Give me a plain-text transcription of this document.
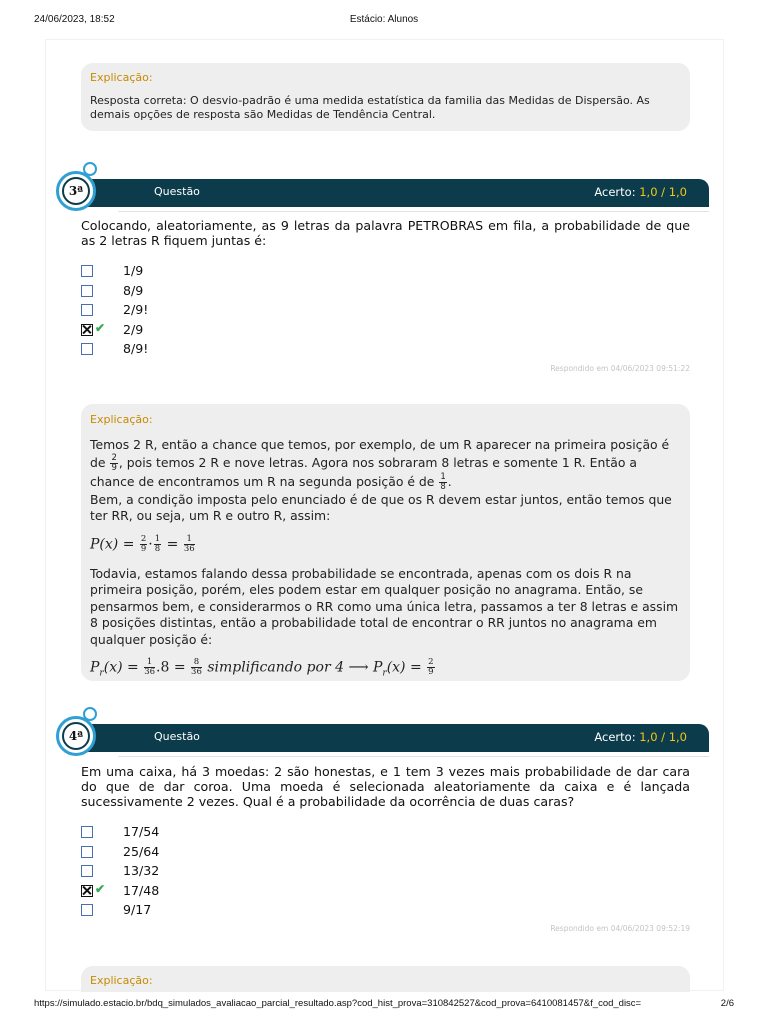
24/06/2023, 18:52	Estácio: Alunos
Explicação:
Resposta correta: O desvio-padrão é uma medida estatística da familia das Medidas de Dispersão. As demais opções de resposta são Medidas de Tendência Central.
3ª	Questão	Acerto: 1,0 / 1,0
Colocando, aleatoriamente, as 9 letras da palavra PETROBRAS em fila, a probabilidade de que as 2 letras R fiquem juntas é:
1/9
8/9
2/9!
✔ 2/9
8/9!
Respondido em 04/06/2023 09:51:22
Explicação:

Temos 2 R, então a chance que temos, por exemplo, de um R aparecer na primeira posição é de $\frac{2}{9}$ , pois temos 2 R e nove letras. Agora nos sobraram 8 letras e somente 1 R. Então a chance de encontramos um R na segunda posição é de $\frac{1}{8}$ .

Bem, a condição imposta pelo enunciado é de que os R devem estar juntos, então temos que ter RR, ou seja, um R e outro R, assim:

$P(x) = \frac{2}{9} \cdot \frac{1}{8} = \frac{1}{36}$

Todavia, estamos falando dessa probabilidade se encontrada, apenas com os dois R na primeira posição, porém, eles podem estar em qualquer posição no anagrama. Então, se pensarmos bem, e considerarmos o RR como uma única letra, passamos a ter 8 letras e assim 8 posições distintas, então a probabilidade total de encontrar o RR juntos no anagrama em qualquer posição é:

$P_r(x) = \frac{1}{36} .8 = \frac{8}{36}$ simplificando por 4 ⟶ $P_r(x) = \frac{2}{9}$

4ª	Questão	Acerto: 1,0 / 1,0
Em uma caixa, há 3 moedas: 2 são honestas, e 1 tem 3 vezes mais probabilidade de dar cara do que de dar coroa. Uma moeda é selecionada aleatoriamente da caixa e é lançada sucessivamente 2 vezes. Qual é a probabilidade da ocorrência de duas caras?
17/54
25/64
13/32
✔ 17/48
9/17
Respondido em 04/06/2023 09:52:19
Explicação:
https://simulado.estacio.br/bdq_simulados_avaliacao_parcial_resultado.asp?cod_hist_prova=310842527&cod_prova=6410081457&f_cod_disc=	2/6
